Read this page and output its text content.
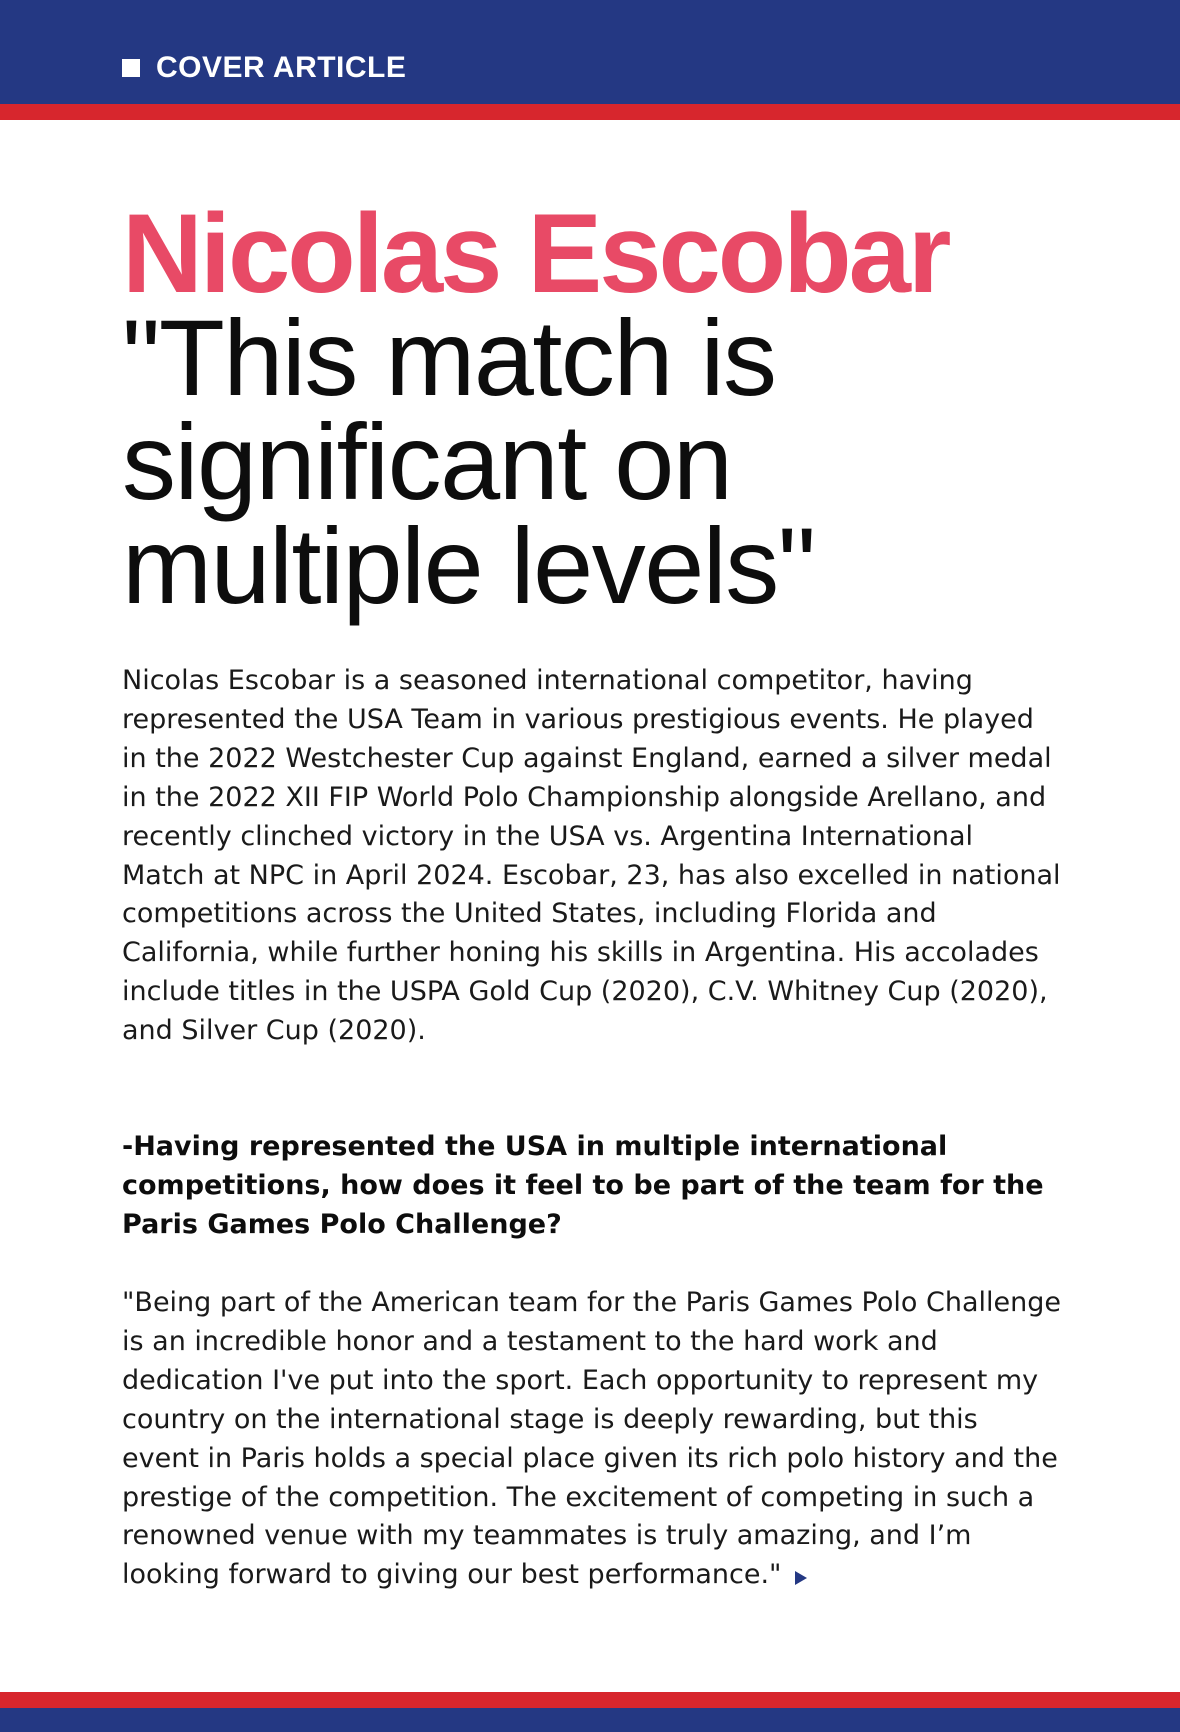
COVER ARTICLE
Nicolas Escobar
"This match is
significant on
multiple levels"

Nicolas Escobar is a seasoned international competitor, having represented the USA Team in various prestigious events. He played in the 2022 Westchester Cup against England, earned a silver medal in the 2022 XII FIP World Polo Championship alongside Arellano, and recently clinched victory in the USA vs. Argentina International Match at NPC in April 2024. Escobar, 23, has also excelled in national competitions across the United States, including Florida and California, while further honing his skills in Argentina. His accolades include titles in the USPA Gold Cup (2020), C.V. Whitney Cup (2020), and Silver Cup (2020).

-Having represented the USA in multiple international competitions, how does it feel to be part of the team for the Paris Games Polo Challenge?

"Being part of the American team for the Paris Games Polo Challenge is an incredible honor and a testament to the hard work and dedication I've put into the sport. Each opportunity to represent my country on the international stage is deeply rewarding, but this event in Paris holds a special place given its rich polo history and the prestige of the competition. The excitement of competing in such a renowned venue with my teammates is truly amazing, and I’m looking forward to giving our best performance."
